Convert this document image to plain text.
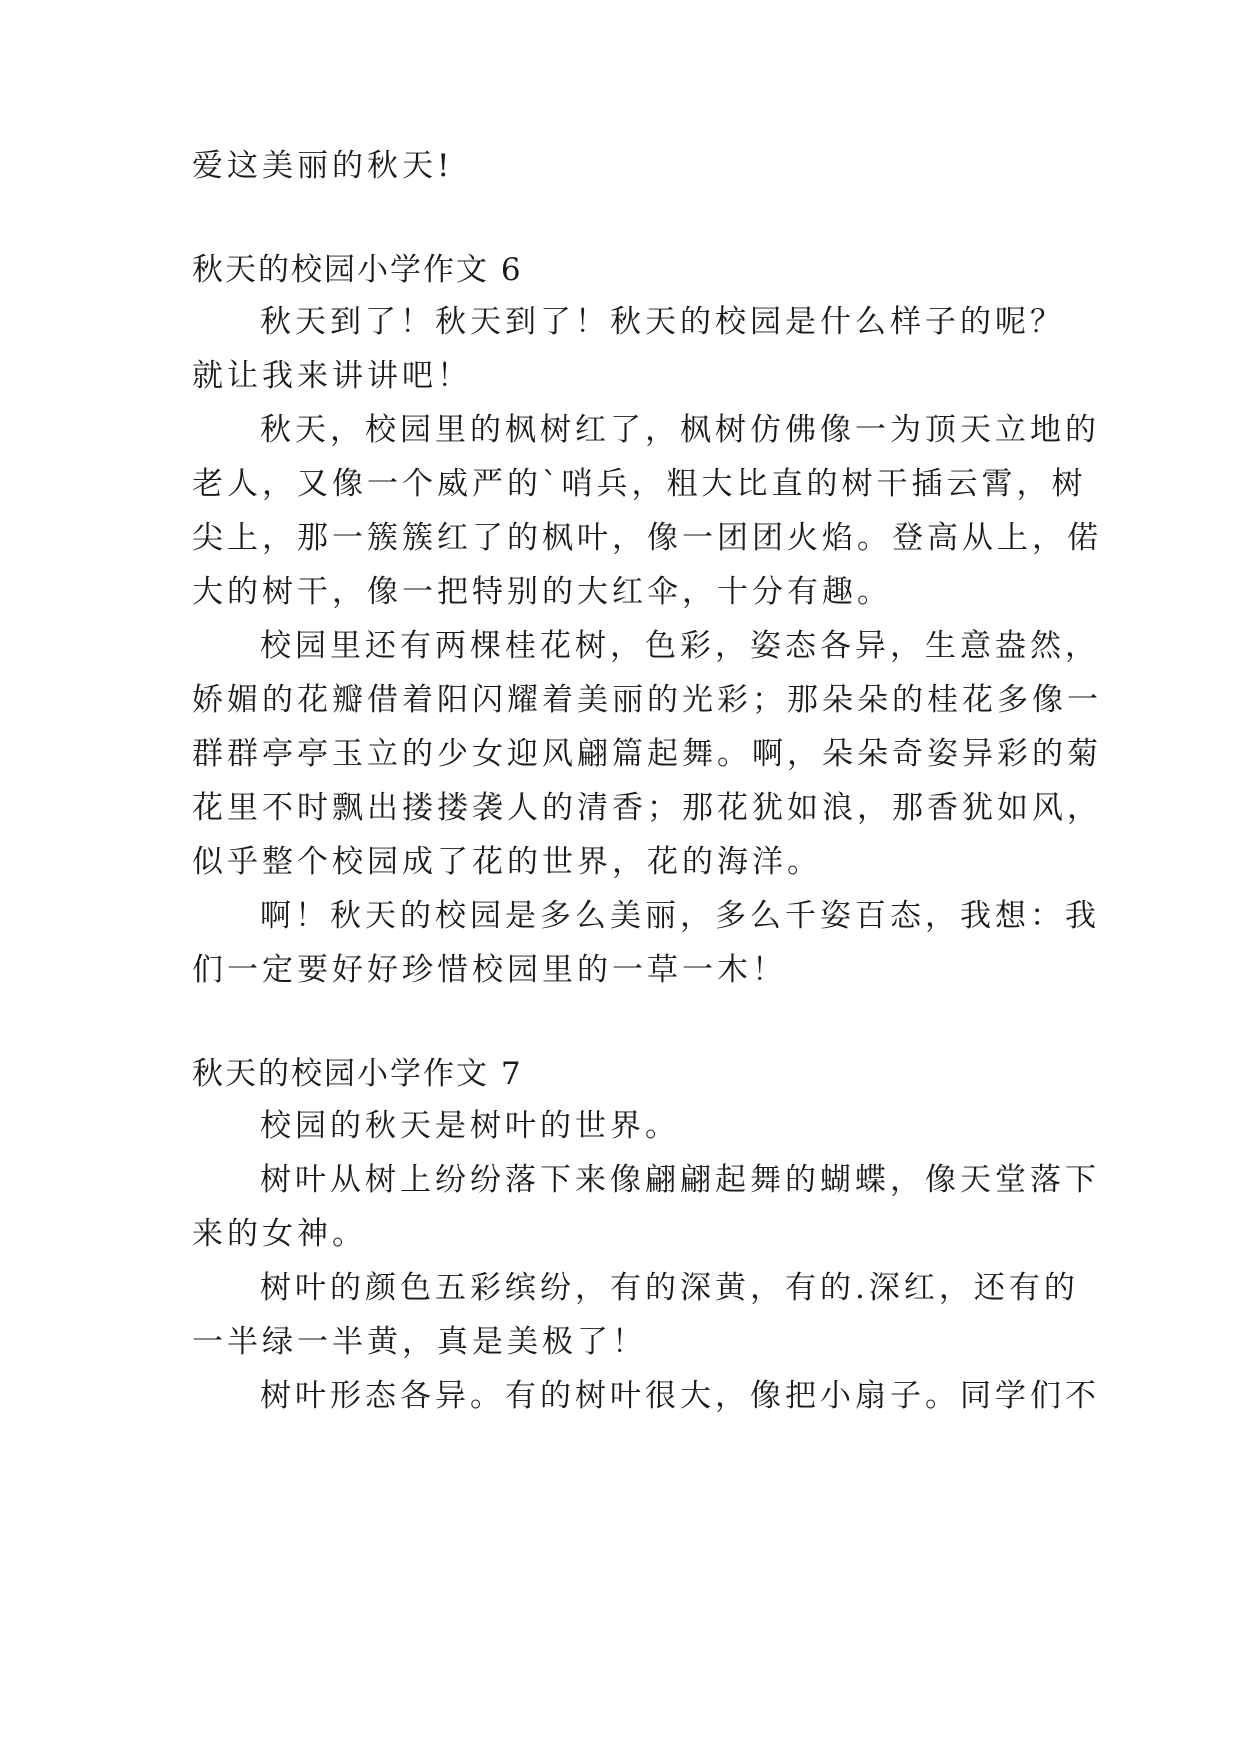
爱这美丽的秋天!

秋天的校园小学作文 6

秋天到了！秋天到了！秋天的校园是什么样子的呢？

就让我来讲讲吧！

秋天，校园里的枫树红了，枫树仿佛像一为顶天立地的

老人，又像一个威严的`哨兵，粗大比直的树干插云霄，树

尖上，那一簇簇红了的枫叶，像一团团火焰。登高从上，偌

大的树干，像一把特别的大红伞，十分有趣。

校园里还有两棵桂花树，色彩，姿态各异，生意盎然，

娇媚的花瓣借着阳闪耀着美丽的光彩；那朵朵的桂花多像一

群群亭亭玉立的少女迎风翩篇起舞。啊，朵朵奇姿异彩的菊

花里不时飘出搂搂袭人的清香；那花犹如浪，那香犹如风，

似乎整个校园成了花的世界，花的海洋。

啊！秋天的校园是多么美丽，多么千姿百态，我想：我

们一定要好好珍惜校园里的一草一木！

秋天的校园小学作文 7

校园的秋天是树叶的世界。

树叶从树上纷纷落下来像翩翩起舞的蝴蝶，像天堂落下

来的女神。

树叶的颜色五彩缤纷，有的深黄，有的.深红，还有的

一半绿一半黄，真是美极了！

树叶形态各异。有的树叶很大，像把小扇子。同学们不
